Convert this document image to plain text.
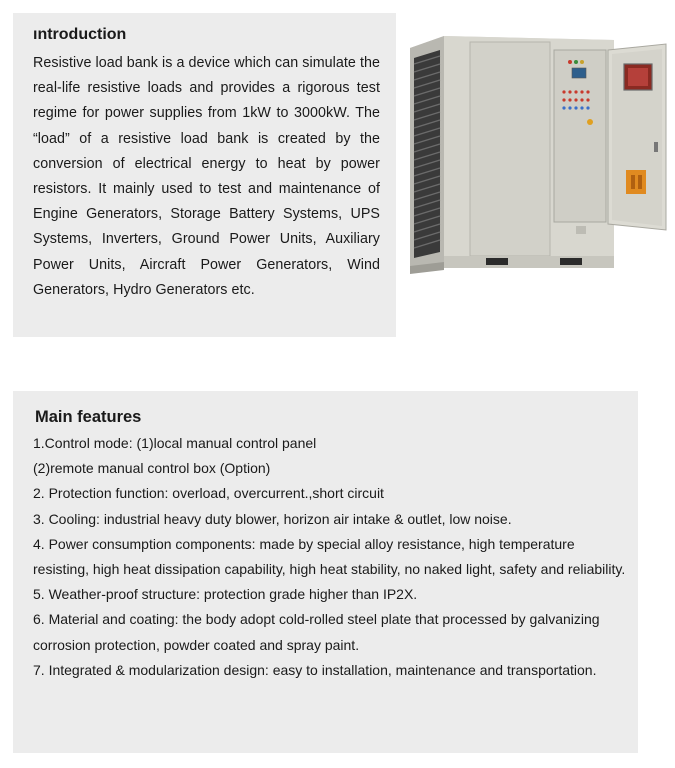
ıntroduction

Resistive load bank is a device which can simulate the real-life resistive loads and provides a rigorous test regime for power supplies from 1kW to 3000kW. The “load” of a resistive load bank is created by the conversion of electrical energy to heat by power resistors. It mainly used to test and maintenance of Engine Generators, Storage Battery Systems, UPS Systems, Inverters, Ground Power Units, Auxiliary Power Units, Aircraft Power Generators, Wind Generators, Hydro Generators etc.

Main features
1.Control mode: (1)local manual control panel
(2)remote manual control box (Option)
2. Protection function: overload, overcurrent.,short circuit
3. Cooling: industrial heavy duty blower, horizon air intake & outlet, low noise.
4. Power consumption components: made by special alloy resistance, high temperature resisting, high heat dissipation capability, high heat stability, no naked light, safety and reliability.
5. Weather-proof structure: protection grade higher than IP2X.
6. Material and coating: the body adopt cold-rolled steel plate that processed by galvanizing corrosion protection, powder coated and spray paint.
7. Integrated & modularization design: easy to installation, maintenance and transportation.
